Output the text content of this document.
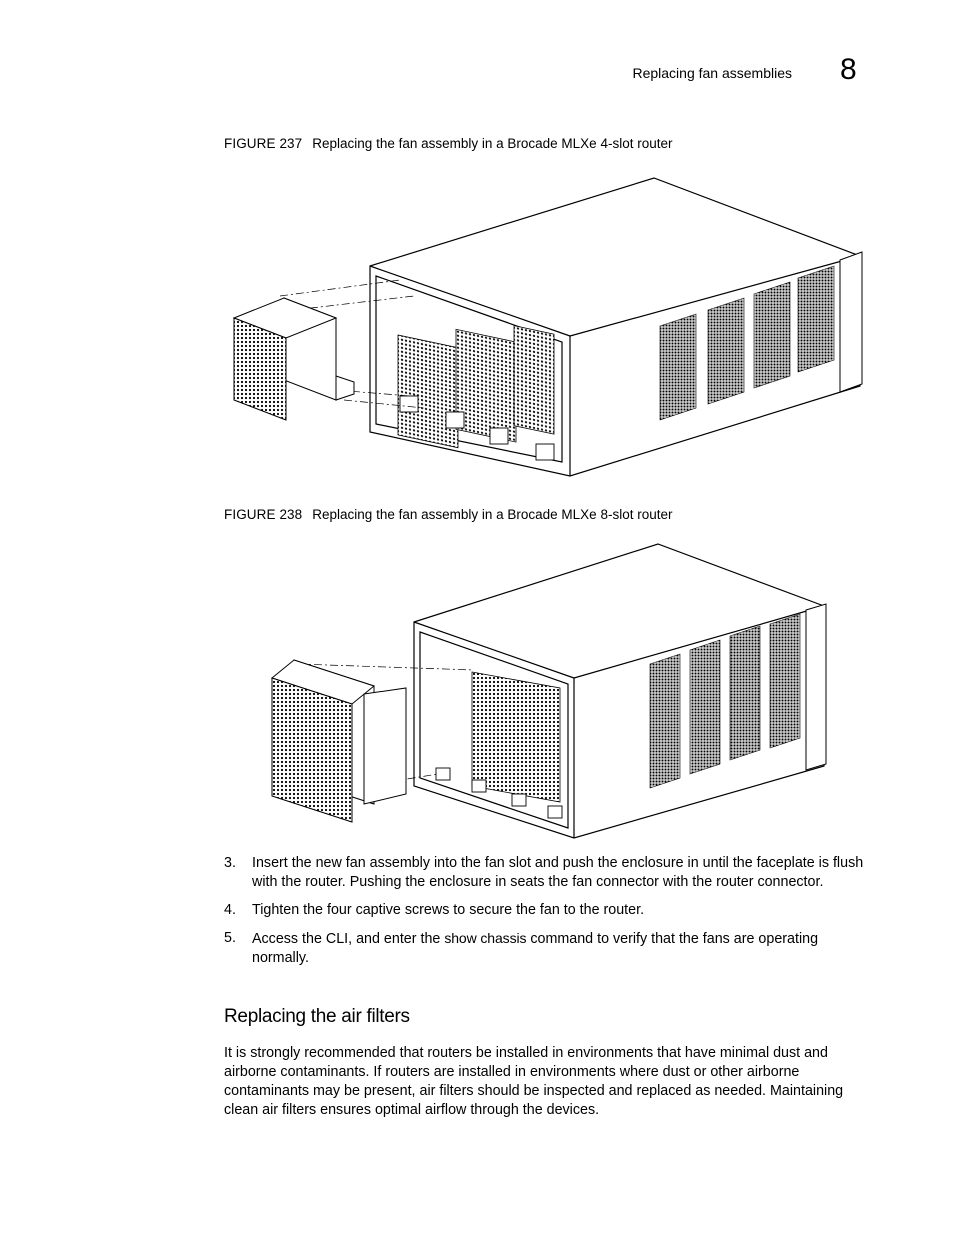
Replacing fan assemblies 8
FIGURE 237 Replacing the fan assembly in a Brocade MLXe 4-slot router
FIGURE 238 Replacing the fan assembly in a Brocade MLXe 8-slot router
3. Insert the new fan assembly into the fan slot and push the enclosure in until the faceplate is flush with the router. Pushing the enclosure in seats the fan connector with the router connector.
4. Tighten the four captive screws to secure the fan to the router.
5. Access the CLI, and enter the show chassis command to verify that the fans are operating normally.
Replacing the air filters
It is strongly recommended that routers be installed in environments that have minimal dust and airborne contaminants. If routers are installed in environments where dust or other airborne contaminants may be present, air filters should be inspected and replaced as needed. Maintaining clean air filters ensures optimal airflow through the devices.
